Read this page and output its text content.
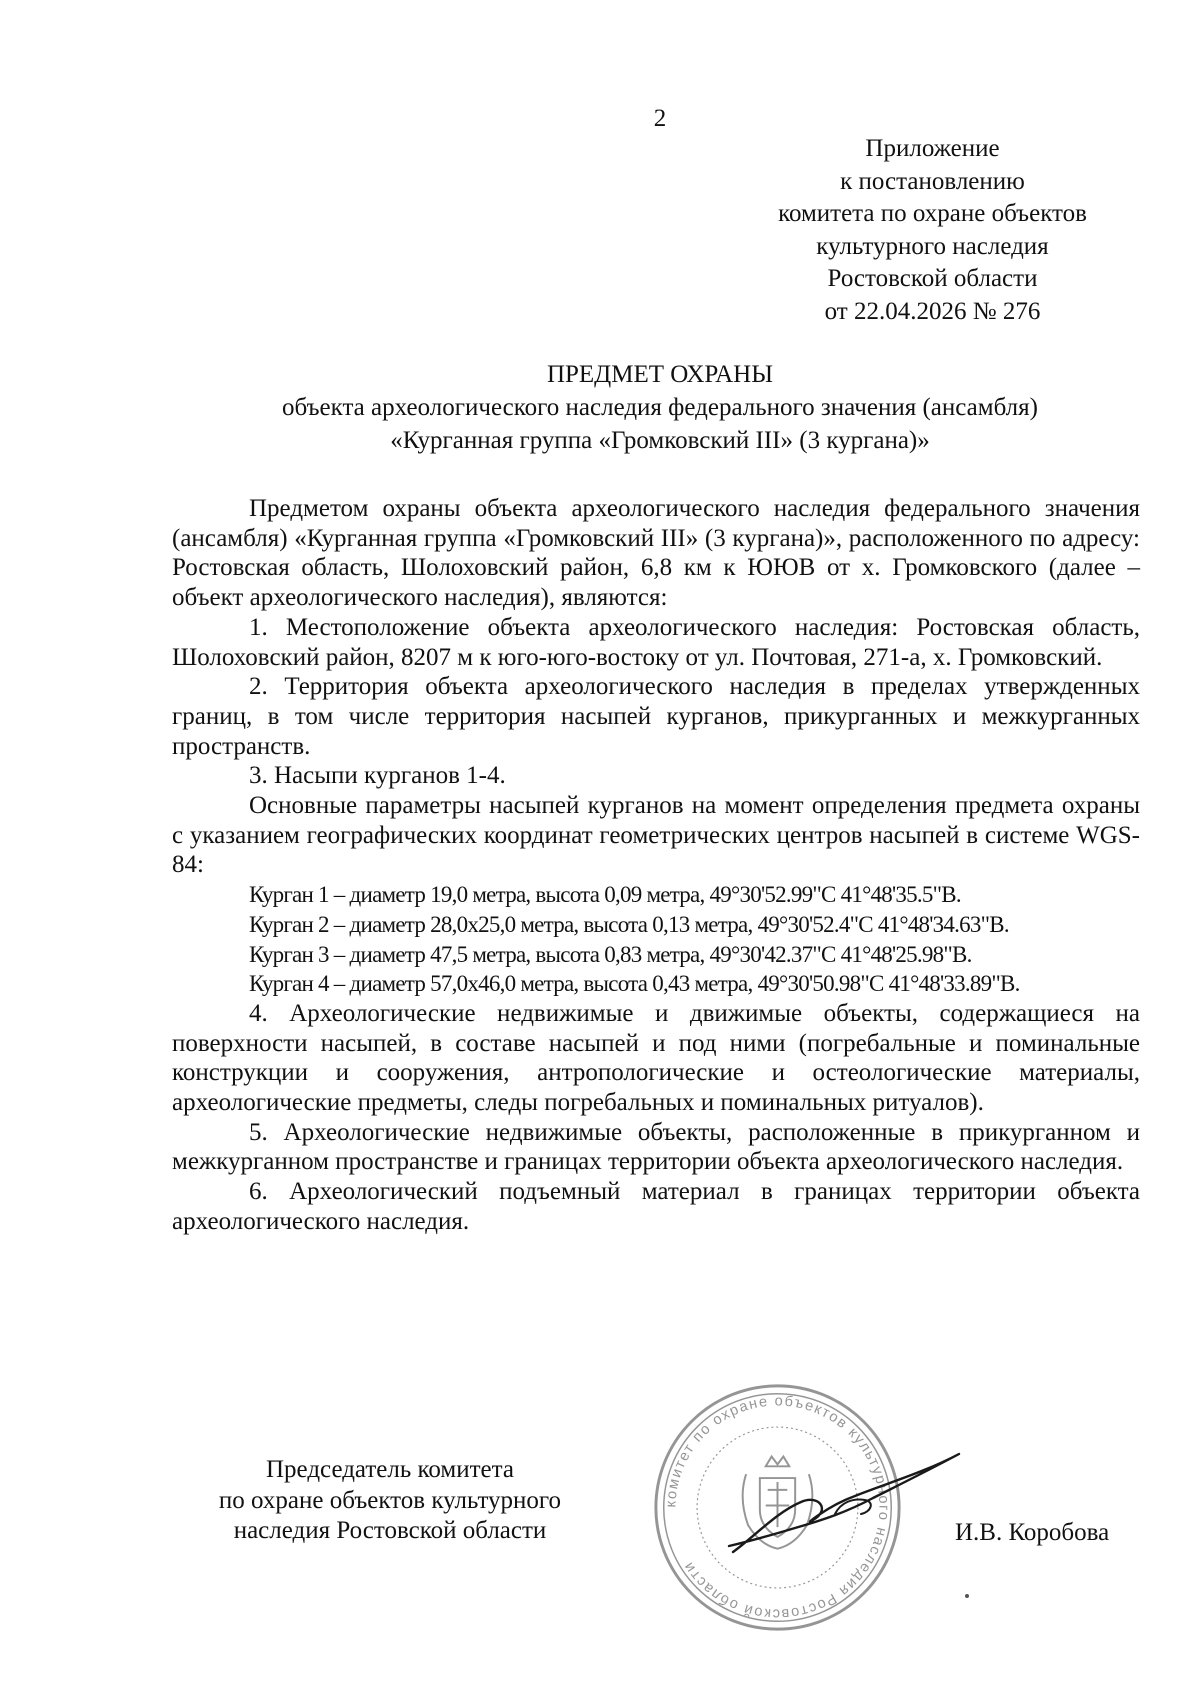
2
Приложение
к постановлению
комитета по охране объектов
культурного наследия
Ростовской области
от 22.04.2026 № 276
ПРЕДМЕТ ОХРАНЫ
объекта археологического наследия федерального значения (ансамбля)
«Курганная группа «Громковский III» (3 кургана)»

Предметом охраны объекта археологического наследия федерального значения (ансамбля) «Курганная группа «Громковский III» (3 кургана)», расположенного по адресу: Ростовская область, Шолоховский район, 6,8 км к ЮЮВ от х. Громковского (далее – объект археологического наследия), являются:

1. Местоположение объекта археологического наследия: Ростовская область, Шолоховский район, 8207 м к юго-юго-востоку от ул. Почтовая, 271-а, х. Громковский.

2. Территория объекта археологического наследия в пределах утвержденных границ, в том числе территория насыпей курганов, прикурганных и межкурганных пространств.

3. Насыпи курганов 1-4.

Основные параметры насыпей курганов на момент определения предмета охраны с указанием географических координат геометрических центров насыпей в системе WGS-84:

Курган 1 – диаметр 19,0 метра, высота 0,09 метра, 49°30'52.99"С 41°48'35.5"В.

Курган 2 – диаметр 28,0х25,0 метра, высота 0,13 метра, 49°30'52.4"С 41°48'34.63"В.

Курган 3 – диаметр 47,5 метра, высота 0,83 метра, 49°30'42.37"С 41°48'25.98"В.

Курган 4 – диаметр 57,0х46,0 метра, высота 0,43 метра, 49°30'50.98"С 41°48'33.89"В.

4. Археологические недвижимые и движимые объекты, содержащиеся на поверхности насыпей, в составе насыпей и под ними (погребальные и поминальные конструкции и сооружения, антропологические и остеологические материалы, археологические предметы, следы погребальных и поминальных ритуалов).

5. Археологические недвижимые объекты, расположенные в прикурганном и межкурганном пространстве и границах территории объекта археологического наследия.

6. Археологический подъемный материал в границах территории объекта археологического наследия.

Председатель комитета
по охране объектов культурного
наследия Ростовской области
комитет по охране объектов культурного наследия Ростовской области
И.В. Коробова
